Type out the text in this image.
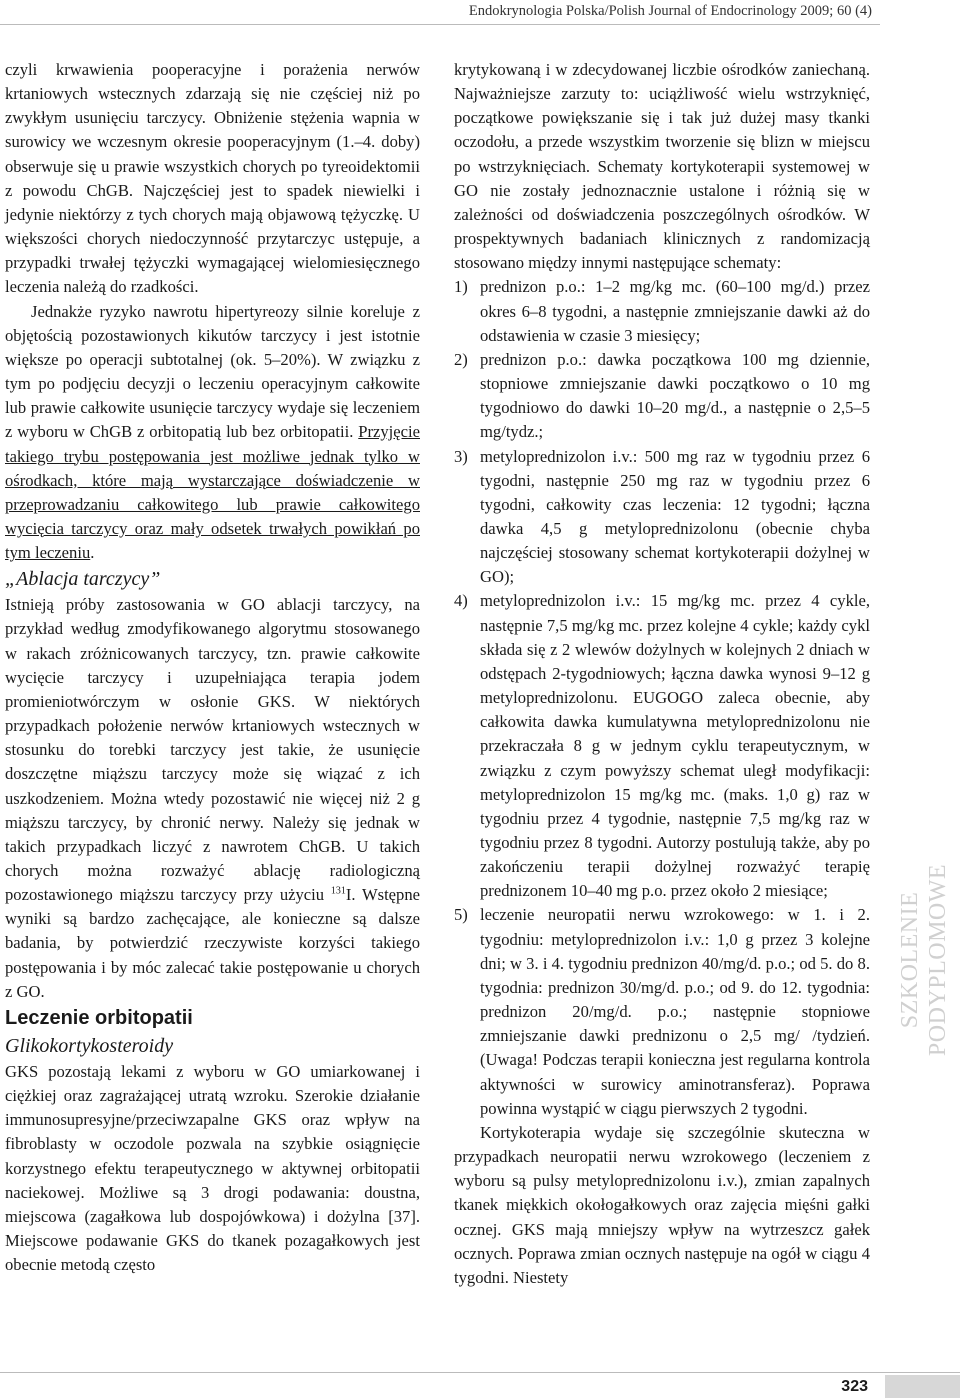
Endokrynologia Polska/Polish Journal of Endocrinology 2009; 60 (4)

czyli krwawienia pooperacyjne i porażenia nerwów krtaniowych wstecznych zdarzają się nie częściej niż po zwykłym usunięciu tarczycy. Obniżenie stężenia wapnia w surowicy we wczesnym okresie pooperacyjnym (1.–4. doby) obserwuje się u prawie wszystkich chorych po tyreoidektomii z powodu ChGB. Najczęściej jest to spadek niewielki i jedynie niektórzy z tych chorych mają objawową tężyczkę. U większości chorych niedoczynność przytarczyc ustępuje, a przypadki trwałej tężyczki wymagającej wielomiesięcznego leczenia należą do rzadkości.

Jednakże ryzyko nawrotu hipertyreozy silnie koreluje z objętością pozostawionych kikutów tarczycy i jest istotnie większe po operacji subtotalnej (ok. 5–20%). W związku z tym po podjęciu decyzji o leczeniu operacyjnym całkowite lub prawie całkowite usunięcie tarczycy wydaje się leczeniem z wyboru w ChGB z orbitopatią lub bez orbitopatii. Przyjęcie takiego trybu postępowania jest możliwe jednak tylko w ośrodkach, które mają wystarczające doświadczenie w przeprowadzaniu całkowitego lub prawie całkowitego wycięcia tarczycy oraz mały odsetek trwałych powikłań po tym leczeniu.

„Ablacja tarczycy”

Istnieją próby zastosowania w GO ablacji tarczycy, na przykład według zmodyfikowanego algorytmu stosowanego w rakach zróżnicowanych tarczycy, tzn. prawie całkowite wycięcie tarczycy i uzupełniająca terapia jodem promieniotwórczym w osłonie GKS. W niektórych przypadkach położenie nerwów krtaniowych wstecznych w stosunku do torebki tarczycy jest takie, że usunięcie doszczętne miąższu tarczycy może się wiązać z ich uszkodzeniem. Można wtedy pozostawić nie więcej niż 2 g miąższu tarczycy, by chronić nerwy. Należy się jednak w takich przypadkach liczyć z nawrotem ChGB. U takich chorych można rozważyć ablację radiologiczną pozostawionego miąższu tarczycy przy użyciu $^{131}$I. Wstępne wyniki są bardzo zachęcające, ale konieczne są dalsze badania, by potwierdzić rzeczywiste korzyści takiego postępowania i by móc zalecać takie postępowanie u chorych z GO.

Leczenie orbitopatii

Glikokortykosteroidy

GKS pozostają lekami z wyboru w GO umiarkowanej i ciężkiej oraz zagrażającej utratą wzroku. Szerokie działanie immunosupresyjne/przeciwzapalne GKS oraz wpływ na fibroblasty w oczodole pozwala na szybkie osiągnięcie korzystnego efektu terapeutycznego w aktywnej orbitopatii naciekowej. Możliwe są 3 drogi podawania: doustna, miejscowa (zagałkowa lub dospojówkowa) i dożylna [37]. Miejscowe podawanie GKS do tkanek pozagałkowych jest obecnie metodą często

krytykowaną i w zdecydowanej liczbie ośrodków zaniechaną. Najważniejsze zarzuty to: uciążliwość wielu wstrzyknięć, początkowe powiększanie się i tak już dużej masy tkanki oczodołu, a przede wszystkim tworzenie się blizn w miejscu po wstrzyknięciach. Schematy kortykoterapii systemowej w GO nie zostały jednoznacznie ustalone i różnią się w zależności od doświadczenia poszczególnych ośrodków. W prospektywnych badaniach klinicznych z randomizacją stosowano między innymi następujące schematy:

1) prednizon p.o.: 1–2 mg/kg mc. (60–100 mg/d.) przez okres 6–8 tygodni, a następnie zmniejszanie dawki aż do odstawienia w czasie 3 miesięcy;
2) prednizon p.o.: dawka początkowa 100 mg dziennie, stopniowe zmniejszanie dawki początkowo o 10 mg tygodniowo do dawki 10–20 mg/d., a następnie o 2,5–5 mg/tydz.;
3) metyloprednizolon i.v.: 500 mg raz w tygodniu przez 6 tygodni, następnie 250 mg raz w tygodniu przez 6 tygodni, całkowity czas leczenia: 12 tygodni; łączna dawka 4,5 g metyloprednizolonu (obecnie chyba najczęściej stosowany schemat kortykoterapii dożylnej w GO);
4) metyloprednizolon i.v.: 15 mg/kg mc. przez 4 cykle, następnie 7,5 mg/kg mc. przez kolejne 4 cykle; każdy cykl składa się z 2 wlewów dożylnych w kolejnych 2 dniach w odstępach 2-tygodniowych; łączna dawka wynosi 9–12 g metyloprednizolonu. EUGOGO zaleca obecnie, aby całkowita dawka kumulatywna metyloprednizolonu nie przekraczała 8 g w jednym cyklu terapeutycznym, w związku z czym powyższy schemat uległ modyfikacji: metyloprednizolon 15 mg/kg mc. (maks. 1,0 g) raz w tygodniu przez 4 tygodnie, następnie 7,5 mg/kg raz w tygodniu przez 8 tygodni. Autorzy postulują także, aby po zakończeniu terapii dożylnej rozważyć terapię prednizonem 10–40 mg p.o. przez około 2 miesiące;
5) leczenie neuropatii nerwu wzrokowego: w 1. i 2. tygodniu: metyloprednizolon i.v.: 1,0 g przez 3 kolejne dni; w 3. i 4. tygodniu prednizon 40/mg/d. p.o.; od 5. do 8. tygodnia: prednizon 30/mg/d. p.o.; od 9. do 12. tygodnia: prednizon 20/mg/d. p.o.; następnie stopniowe zmniejszanie dawki prednizonu o 2,5 mg/ /tydzień. (Uwaga! Podczas terapii konieczna jest regularna kontrola aktywności w surowicy aminotransferaz). Poprawa powinna wystąpić w ciągu pierwszych 2 tygodni.

Kortykoterapia wydaje się szczególnie skuteczna w przypadkach neuropatii nerwu wzrokowego (leczeniem z wyboru są pulsy metyloprednizolonu i.v.), zmian zapalnych tkanek miękkich okołogałkowych oraz zajęcia mięśni gałki ocznej. GKS mają mniejszy wpływ na wytrzeszcz gałek ocznych. Poprawa zmian ocznych następuje na ogół w ciągu 4 tygodni. Niestety

SZKOLENIE PODYPLOMOWE
323
